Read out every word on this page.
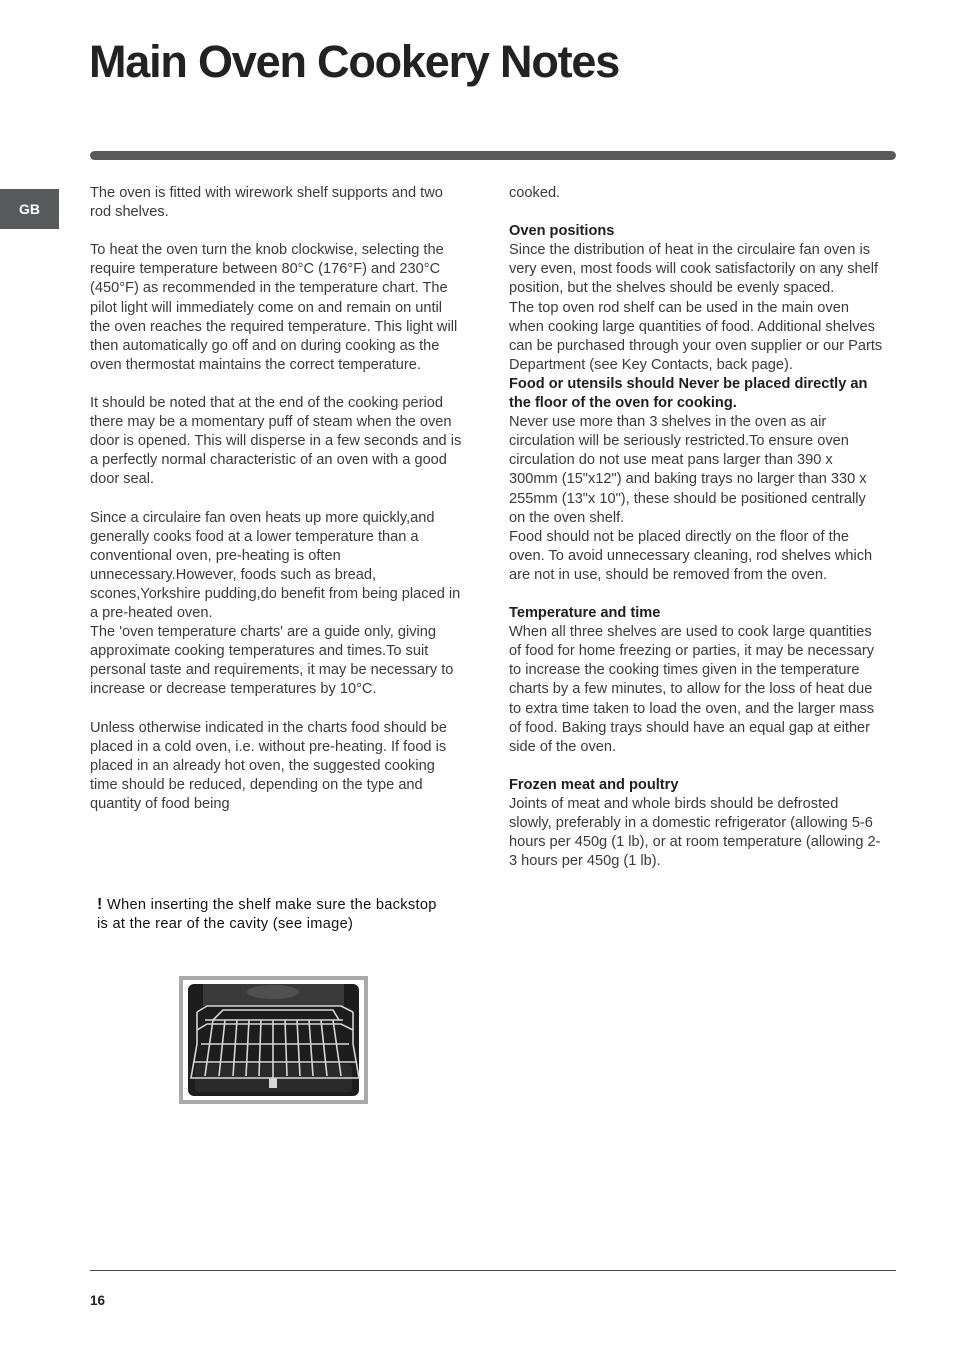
Main Oven Cookery Notes
GB

The oven is fitted with wirework shelf supports and two rod shelves.

To heat the oven turn the knob clockwise, selecting the require temperature between 80°C (176°F) and 230°C (450°F) as recommended in the temperature chart. The pilot light will immediately come on and remain on until the oven reaches the required temperature. This light will then automatically go off and on during cooking as the oven thermostat maintains the correct temperature.

It should be noted that at the end of the cooking period there may be a momentary puff of steam when the oven door is opened. This will disperse in a few seconds and is a perfectly normal characteristic of an oven with a good door seal.

Since a circulaire fan oven heats up more quickly,and generally cooks food at a lower temperature than a conventional oven, pre-heating is often unnecessary.However, foods such as bread, scones,Yorkshire pudding,do benefit from being placed in a pre-heated oven.

The 'oven temperature charts' are a guide only, giving approximate cooking temperatures and times.To suit personal taste and requirements, it may be necessary to increase or decrease temperatures by 10°C.

Unless otherwise indicated in the charts food should be placed in a cold oven, i.e. without pre-heating. If food is placed in an already hot oven, the suggested cooking time should be reduced, depending on the type and quantity of food being

! When inserting the shelf make sure the backstop is at the rear of the cavity (see image)

cooked.

Oven positions

Since the distribution of heat in the circulaire fan oven is very even, most foods will cook satisfactorily on any shelf position, but the shelves should be evenly spaced.

The top oven rod shelf can be used in the main oven when cooking large quantities of food. Additional shelves can be purchased through your oven supplier or our Parts Department (see Key Contacts, back page).

Food or utensils should Never be placed directly an the floor of the oven for cooking.

Never use more than 3 shelves in the oven as air circulation will be seriously restricted.To ensure oven circulation do not use meat pans larger than 390 x 300mm (15"x12") and baking trays no larger than 330 x 255mm (13"x 10"), these should be positioned centrally on the oven shelf.

Food should not be placed directly on the floor of the oven. To avoid unnecessary cleaning, rod shelves which are not in use, should be removed from the oven.

Temperature and time

When all three shelves are used to cook large quantities of food for home freezing or parties, it may be necessary to increase the cooking times given in the temperature charts by a few minutes, to allow for the loss of heat due to extra time taken to load the oven, and the larger mass of food. Baking trays should have an equal gap at either side of the oven.

Frozen meat and poultry

Joints of meat and whole birds should be defrosted slowly, preferably in a domestic refrigerator (allowing 5-6 hours per 450g (1 lb), or at room temperature (allowing 2-3 hours per 450g (1 lb).

16
